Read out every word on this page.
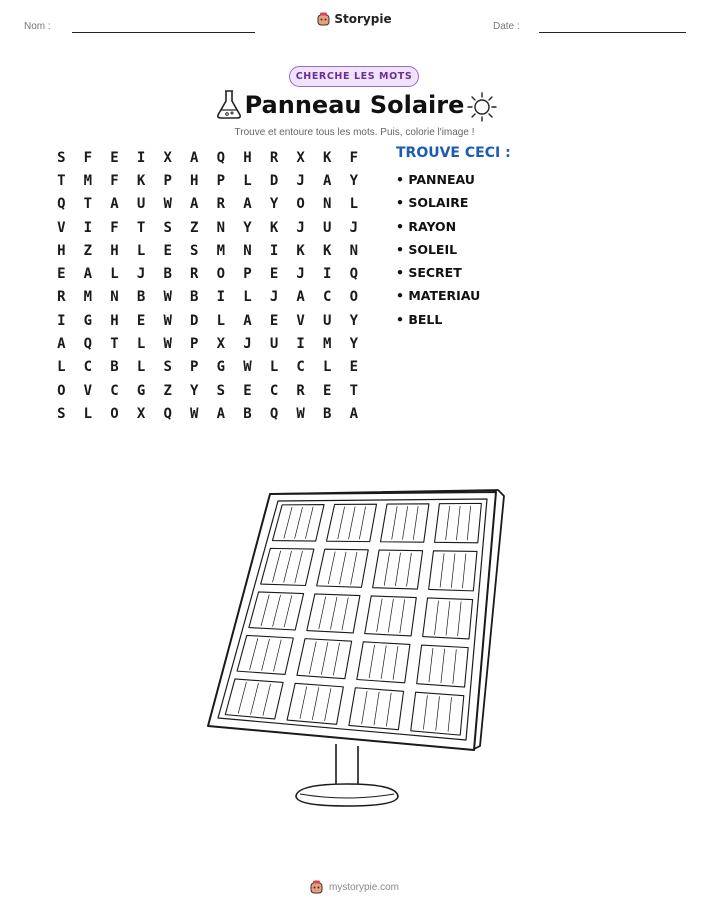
Nom :
Storypie
Date :
CHERCHE LES MOTS
Panneau Solaire
Trouve et entoure tous les mots. Puis, colorie l'image !
S	F	E	I	X	A	Q	H	R	X	K	F
T	M	F	K	P	H	P	L	D	J	A	Y
Q	T	A	U	W	A	R	A	Y	O	N	L
V	I	F	T	S	Z	N	Y	K	J	U	J
H	Z	H	L	E	S	M	N	I	K	K	N
E	A	L	J	B	R	O	P	E	J	I	Q
R	M	N	B	W	B	I	L	J	A	C	O
I	G	H	E	W	D	L	A	E	V	U	Y
A	Q	T	L	W	P	X	J	U	I	M	Y
L	C	B	L	S	P	G	W	L	C	L	E
O	V	C	G	Z	Y	S	E	C	R	E	T
S	L	O	X	Q	W	A	B	Q	W	B	A
TROUVE CECI :
• PANNEAU
• SOLAIRE
• RAYON
• SOLEIL
• SECRET
• MATERIAU
• BELL
mystorypie.com
